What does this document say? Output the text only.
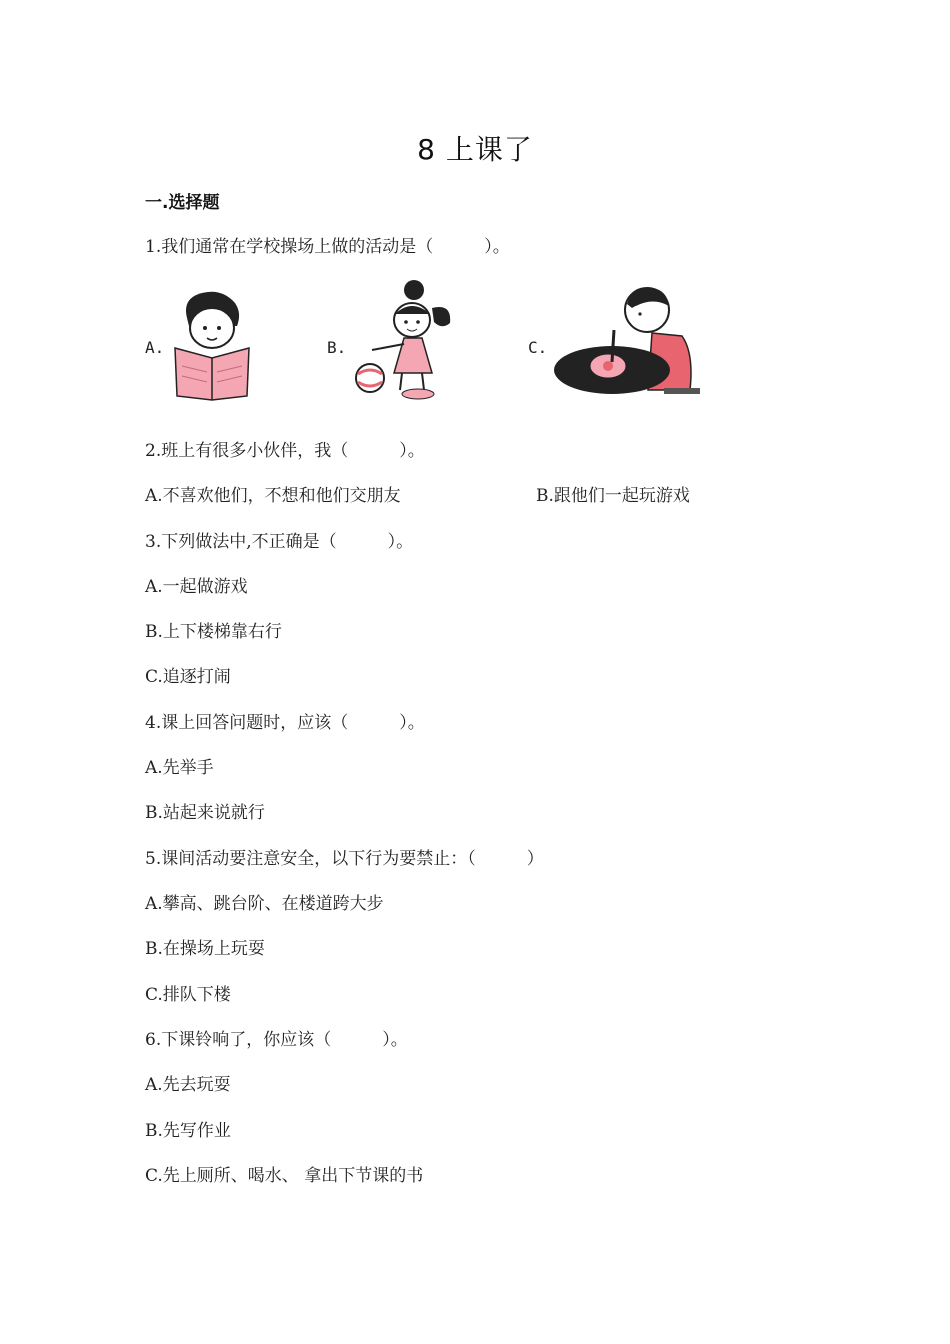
8 上课了
一.选择题
1.我们通常在学校操场上做的活动是（　　　）。
A.	B.	C.
2.班上有很多小伙伴，我（　　　）。
A.不喜欢他们，不想和他们交朋友	B.跟他们一起玩游戏
3.下列做法中,不正确是（　　　）。
A.一起做游戏
B.上下楼梯靠右行
C.追逐打闹
4.课上回答问题时，应该（　　　）。
A.先举手
B.站起来说就行
5.课间活动要注意安全，以下行为要禁止：（　　　）
A.攀高、跳台阶、在楼道跨大步
B.在操场上玩耍
C.排队下楼
6.下课铃响了，你应该（　　　）。
A.先去玩耍
B.先写作业
C.先上厕所、喝水、 拿出下节课的书
